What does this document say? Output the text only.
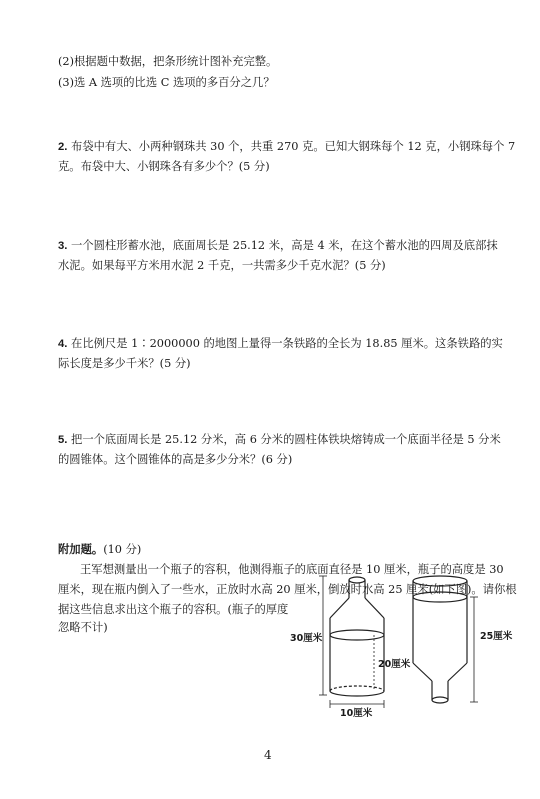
(2)根据题中数据，把条形统计图补充完整。
(3)选 A 选项的比选 C 选项的多百分之几？
2. 布袋中有大、小两种钢珠共 30 个，共重 270 克。已知大钢珠每个 12 克，小钢珠每个 7
克。布袋中大、小钢珠各有多少个？(5 分)
3. 一个圆柱形蓄水池，底面周长是 25.12 米，高是 4 米，在这个蓄水池的四周及底部抹
水泥。如果每平方米用水泥 2 千克，一共需多少千克水泥？(5 分)
4. 在比例尺是 1∶2000000 的地图上量得一条铁路的全长为 18.85 厘米。这条铁路的实
际长度是多少千米？(5 分)
5. 把一个底面周长是 25.12 分米，高 6 分米的圆柱体铁块熔铸成一个底面半径是 5 分米
的圆锥体。这个圆锥体的高是多少分米？(6 分)
附加题。(10 分)
王军想测量出一个瓶子的容积，他测得瓶子的底面直径是 10 厘米，瓶子的高度是 30
厘米，现在瓶内倒入了一些水，正放时水高 20 厘米，倒放时水高 25 厘米(如下图)。请你根
据这些信息求出这个瓶子的容积。(瓶子的厚度
忽略不计)
30厘米
20厘米
10厘米
25厘米
4
